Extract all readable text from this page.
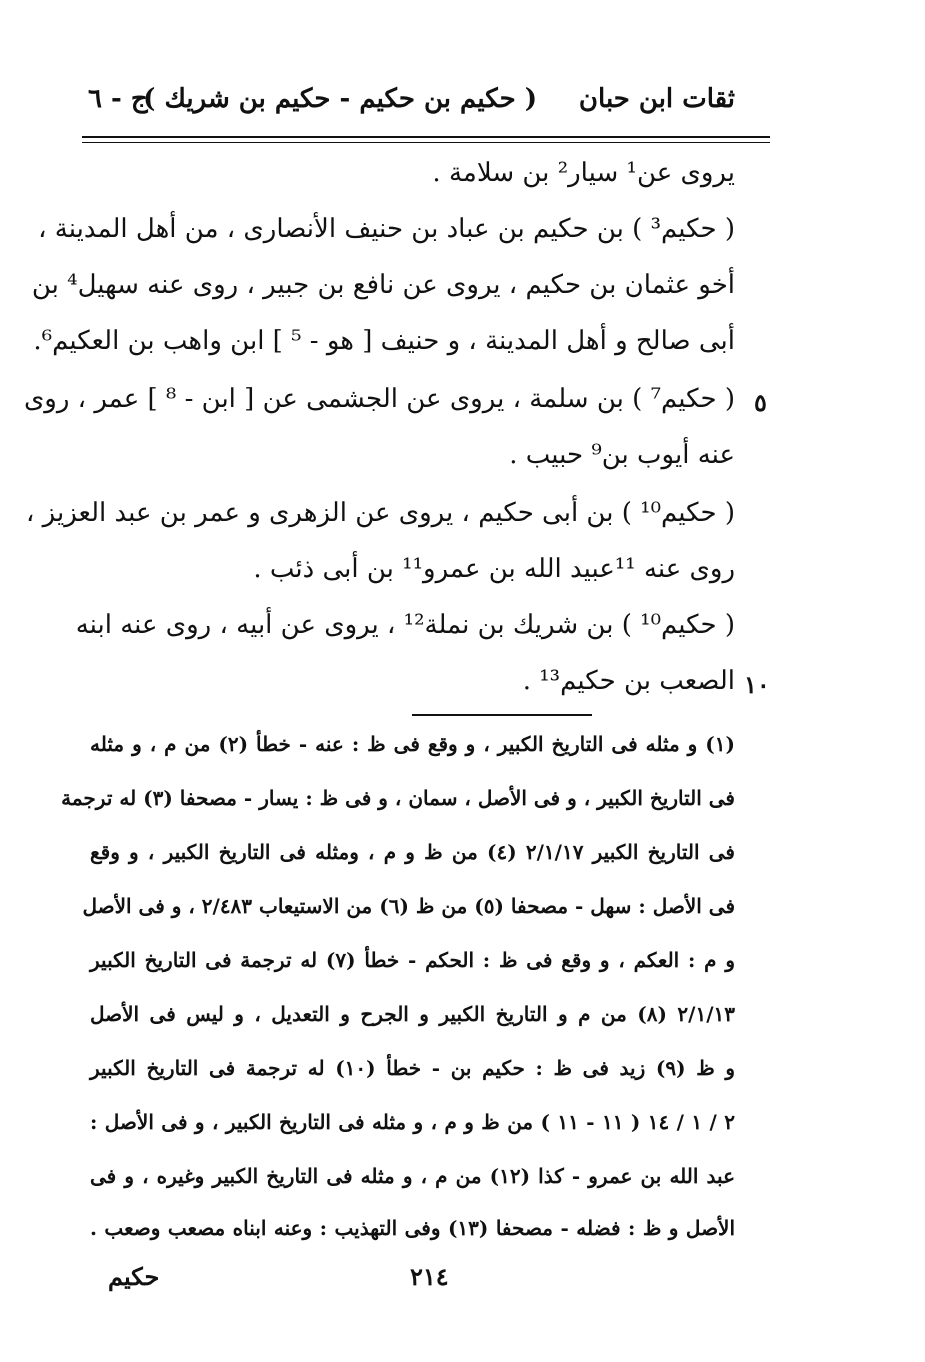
ثقات ابن حبان
( حكيم بن حكيم - حكيم بن شريك )
ج - ٦
يروى عن¹ سيار² بن سلامة .
( حكيم³ ) بن حكيم بن عباد بن حنيف الأنصارى ، من أهل المدينة ،
أخو عثمان بن حكيم ، يروى عن نافع بن جبير ، روى عنه سهيل⁴ بن
أبى صالح و أهل المدينة ، و حنيف [ هو - ⁵ ] ابن واهب بن العكيم⁶.
( حكيم⁷ ) بن سلمة ، يروى عن الجشمى عن [ ابن - ⁸ ] عمر ، روى ٥
عنه أيوب بن⁹ حبيب .
( حكيم¹⁰ ) بن أبى حكيم ، يروى عن الزهرى و عمر بن عبد العزيز ،
روى عنه ¹¹عبيد الله بن عمرو¹¹ بن أبى ذئب .
( حكيم¹⁰ ) بن شريك بن نملة¹² ، يروى عن أبيه ، روى عنه ابنه
الصعب بن حكيم¹³ . ١٠
(١) و مثله فى التاريخ الكبير ، و وقع فى ظ : عنه - خطأ (٢) من م ، و مثله
فى التاريخ الكبير ، و فى الأصل ، سمان ، و فى ظ : يسار - مصحفا (٣) له ترجمة
فى التاريخ الكبير ٢/١/١٧ (٤) من ظ و م ، ومثله فى التاريخ الكبير ، و وقع
فى الأصل : سهل - مصحفا (٥) من ظ (٦) من الاستيعاب ٢/٤٨٣ ، و فى الأصل
و م : العكم ، و وقع فى ظ : الحكم - خطأ (٧) له ترجمة فى التاريخ الكبير
٢/١/١٣ (٨) من م و التاريخ الكبير و الجرح و التعديل ، و ليس فى الأصل
و ظ (٩) زيد فى ظ : حكيم بن - خطأ (١٠) له ترجمة فى التاريخ الكبير
٢ / ١ / ١٤ ( ١١ - ١١ ) من ظ و م ، و مثله فى التاريخ الكبير ، و فى الأصل :
عبد الله بن عمرو - كذا (١٢) من م ، و مثله فى التاريخ الكبير وغيره ، و فى
الأصل و ظ : فضله - مصحفا (١٣) وفى التهذيب : وعنه ابناه مصعب وصعب .
٢١٤
حكيم
